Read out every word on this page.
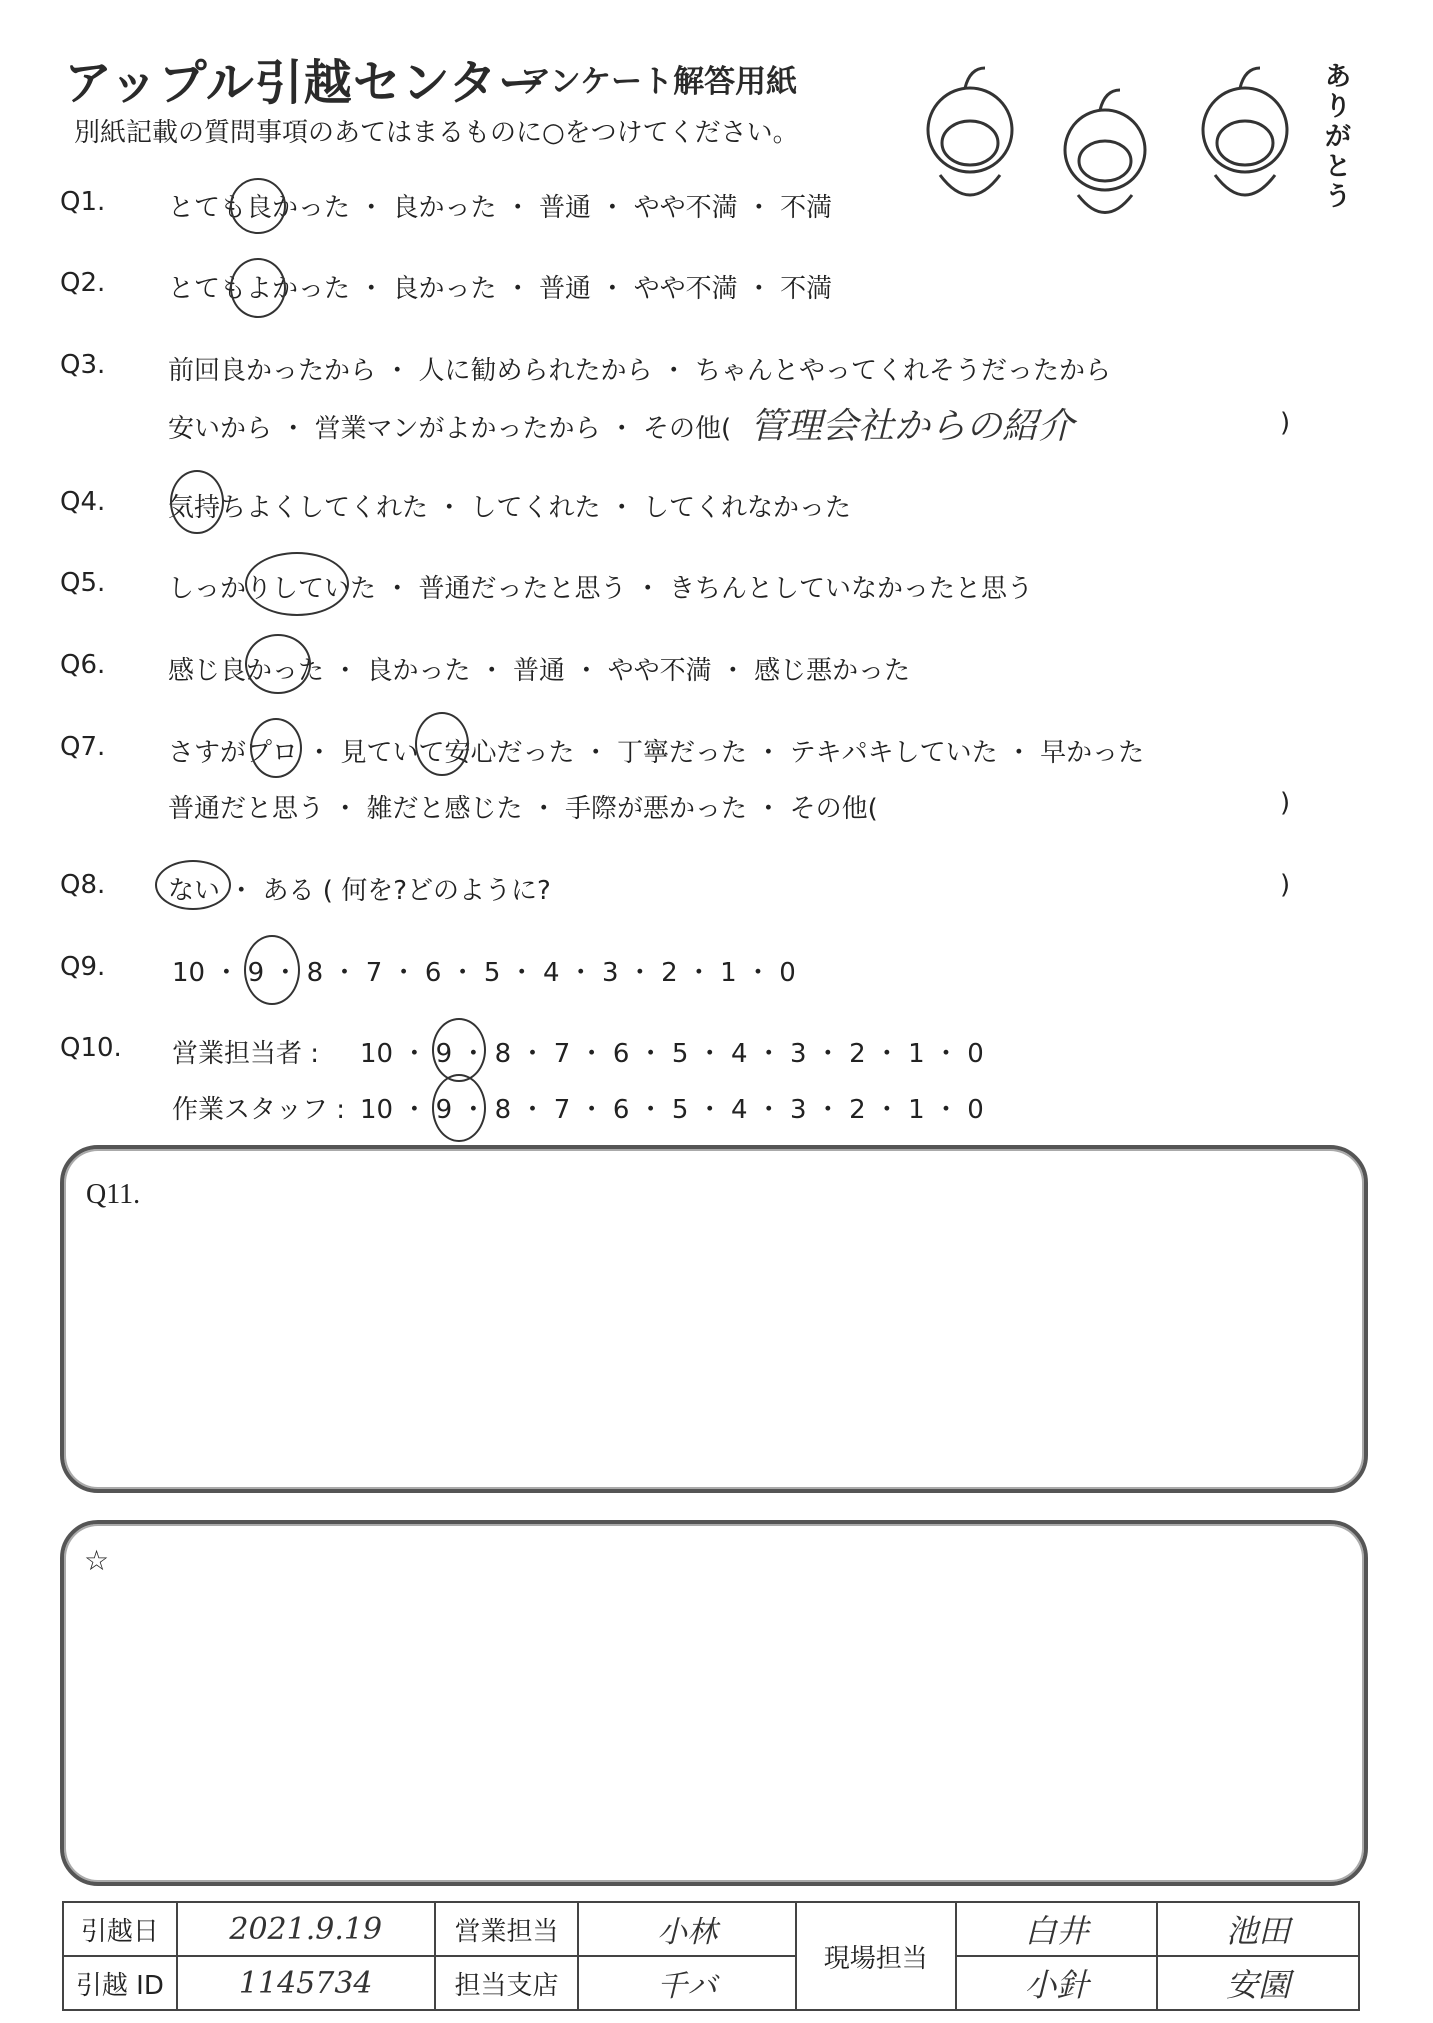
アップル引越センター
アンケート解答用紙
別紙記載の質問事項のあてはまるものに○をつけてください。
ありがとう
Q1. とても良かった ・ 良かった ・ 普通 ・ やや不満 ・ 不満
Q2. とてもよかった ・ 良かった ・ 普通 ・ やや不満 ・ 不満
Q3. 前回良かったから ・ 人に勧められたから ・ ちゃんとやってくれそうだったから
安いから ・ 営業マンがよかったから ・ その他( 管理会社からの紹介	)
Q4. 気持ちよくしてくれた ・ してくれた ・ してくれなかった
Q5. しっかりしていた ・ 普通だったと思う ・ きちんとしていなかったと思う
Q6. 感じ良かった ・ 良かった ・ 普通 ・ やや不満 ・ 感じ悪かった
Q7. さすがプロ ・ 見ていて安心だった ・ 丁寧だった ・ テキパキしていた ・ 早かった
普通だと思う ・ 雑だと感じた ・ 手際が悪かった ・ その他(	)
Q8. ない ・ ある ( 何を?どのように?	)
Q9.	10 ・ 9 ・ 8 ・ 7 ・ 6 ・ 5 ・ 4 ・ 3 ・ 2 ・ 1 ・ 0
Q10. 営業担当者 : 10 ・ 9 ・ 8 ・ 7 ・ 6 ・ 5 ・ 4 ・ 3 ・ 2 ・ 1 ・ 0
作業スタッフ : 10 ・ 9 ・ 8 ・ 7 ・ 6 ・ 5 ・ 4 ・ 3 ・ 2 ・ 1 ・ 0
Q11.
☆
引越日	2021.9.19	営業担当	小林	現場担当	白井	池田
引越 ID	1145734	担当支店	千バ		小針	安園
